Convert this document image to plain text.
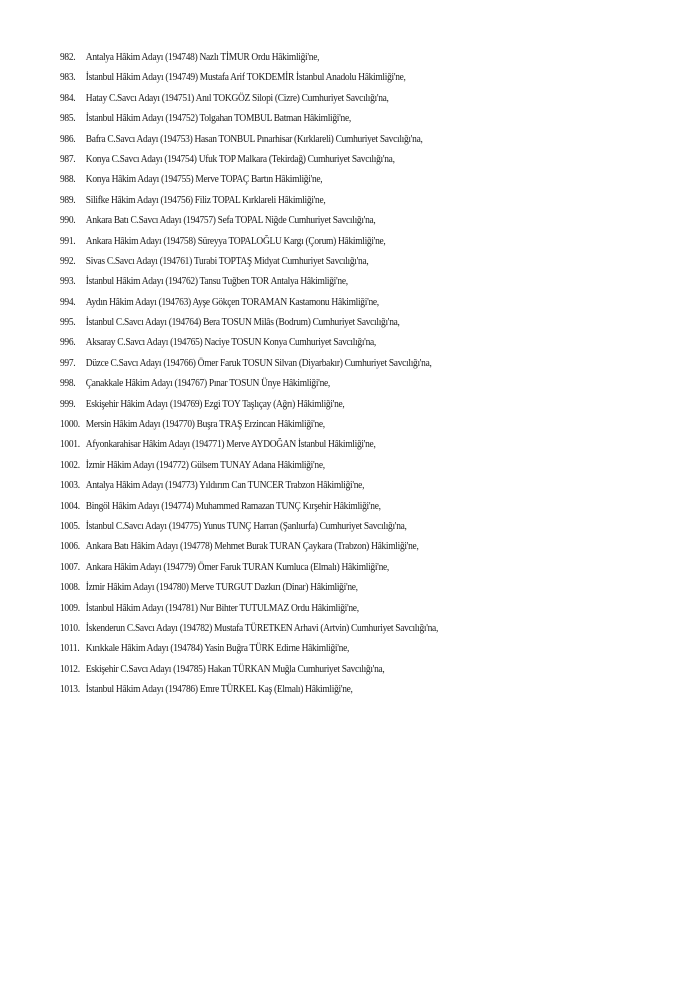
982. Antalya Hâkim Adayı (194748) Nazlı TİMUR Ordu Hâkimliği'ne,
983. İstanbul Hâkim Adayı (194749) Mustafa Arif TOKDEMİR İstanbul Anadolu Hâkimliği'ne,
984. Hatay C.Savcı Adayı (194751) Anıl TOKGÖZ Silopi (Cizre) Cumhuriyet Savcılığı'na,
985. İstanbul Hâkim Adayı (194752) Tolgahan TOMBUL Batman Hâkimliği'ne,
986. Bafra C.Savcı Adayı (194753) Hasan TONBUL Pınarhisar (Kırklareli) Cumhuriyet Savcılığı'na,
987. Konya C.Savcı Adayı (194754) Ufuk TOP Malkara (Tekirdağ) Cumhuriyet Savcılığı'na,
988. Konya Hâkim Adayı (194755) Merve TOPAÇ Bartın Hâkimliği'ne,
989. Silifke Hâkim Adayı (194756) Filiz TOPAL Kırklareli Hâkimliği'ne,
990. Ankara Batı C.Savcı Adayı (194757) Sefa TOPAL Niğde Cumhuriyet Savcılığı'na,
991. Ankara Hâkim Adayı (194758) Süreyya TOPALOĞLU Kargı (Çorum) Hâkimliği'ne,
992. Sivas C.Savcı Adayı (194761) Turabi TOPTAŞ Midyat Cumhuriyet Savcılığı'na,
993. İstanbul Hâkim Adayı (194762) Tansu Tuğben TOR Antalya Hâkimliği'ne,
994. Aydın Hâkim Adayı (194763) Ayşe Gökçen TORAMAN Kastamonu Hâkimliği'ne,
995. İstanbul C.Savcı Adayı (194764) Bera TOSUN Milâs (Bodrum) Cumhuriyet Savcılığı'na,
996. Aksaray C.Savcı Adayı (194765) Naciye TOSUN Konya Cumhuriyet Savcılığı'na,
997. Düzce C.Savcı Adayı (194766) Ömer Faruk TOSUN Silvan (Diyarbakır) Cumhuriyet Savcılığı'na,
998. Çanakkale Hâkim Adayı (194767) Pınar TOSUN Ünye Hâkimliği'ne,
999. Eskişehir Hâkim Adayı (194769) Ezgi TOY Taşlıçay (Ağrı) Hâkimliği'ne,
1000. Mersin Hâkim Adayı (194770) Buşra TRAŞ Erzincan Hâkimliği'ne,
1001. Afyonkarahisar Hâkim Adayı (194771) Merve AYDOĞAN İstanbul Hâkimliği'ne,
1002. İzmir Hâkim Adayı (194772) Gülsem TUNAY Adana Hâkimliği'ne,
1003. Antalya Hâkim Adayı (194773) Yıldırım Can TUNCER Trabzon Hâkimliği'ne,
1004. Bingöl Hâkim Adayı (194774) Muhammed Ramazan TUNÇ Kırşehir Hâkimliği'ne,
1005. İstanbul C.Savcı Adayı (194775) Yunus TUNÇ Harran (Şanlıurfa) Cumhuriyet Savcılığı'na,
1006. Ankara Batı Hâkim Adayı (194778) Mehmet Burak TURAN Çaykara (Trabzon) Hâkimliği'ne,
1007. Ankara Hâkim Adayı (194779) Ömer Faruk TURAN Kumluca (Elmalı) Hâkimliği'ne,
1008. İzmir Hâkim Adayı (194780) Merve TURGUT Dazkırı (Dinar) Hâkimliği'ne,
1009. İstanbul Hâkim Adayı (194781) Nur Bihter TUTULMAZ Ordu Hâkimliği'ne,
1010. İskenderun C.Savcı Adayı (194782) Mustafa TÜRETKEN Arhavi (Artvin) Cumhuriyet Savcılığı'na,
1011. Kırıkkale Hâkim Adayı (194784) Yasin Buğra TÜRK Edirne Hâkimliği'ne,
1012. Eskişehir C.Savcı Adayı (194785) Hakan TÜRKAN Muğla Cumhuriyet Savcılığı'na,
1013. İstanbul Hâkim Adayı (194786) Emre TÜRKEL Kaş (Elmalı) Hâkimliği'ne,
